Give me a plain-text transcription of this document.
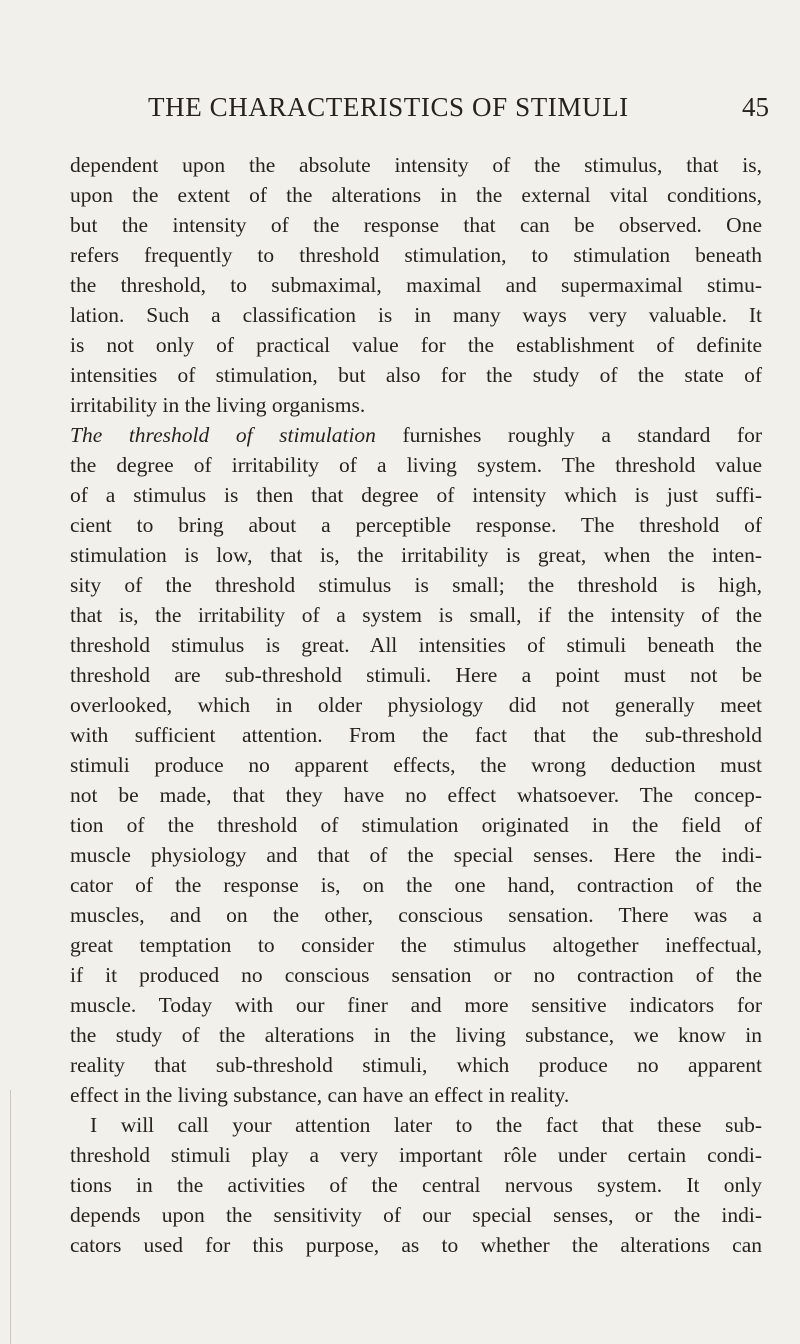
THE CHARACTERISTICS OF STIMULI	45
dependent upon the absolute intensity of the stimulus, that is,
upon the extent of the alterations in the external vital conditions,
but the intensity of the response that can be observed. One
refers frequently to threshold stimulation, to stimulation beneath
the threshold, to submaximal, maximal and supermaximal stimu-
lation. Such a classification is in many ways very valuable. It
is not only of practical value for the establishment of definite
intensities of stimulation, but also for the study of the state of
irritability in the living organisms.
The threshold of stimulation furnishes roughly a standard for
the degree of irritability of a living system. The threshold value
of a stimulus is then that degree of intensity which is just suffi-
cient to bring about a perceptible response. The threshold of
stimulation is low, that is, the irritability is great, when the inten-
sity of the threshold stimulus is small; the threshold is high,
that is, the irritability of a system is small, if the intensity of the
threshold stimulus is great. All intensities of stimuli beneath the
threshold are sub-threshold stimuli. Here a point must not be
overlooked, which in older physiology did not generally meet
with sufficient attention. From the fact that the sub-threshold
stimuli produce no apparent effects, the wrong deduction must
not be made, that they have no effect whatsoever. The concep-
tion of the threshold of stimulation originated in the field of
muscle physiology and that of the special senses. Here the indi-
cator of the response is, on the one hand, contraction of the
muscles, and on the other, conscious sensation. There was a
great temptation to consider the stimulus altogether ineffectual,
if it produced no conscious sensation or no contraction of the
muscle. Today with our finer and more sensitive indicators for
the study of the alterations in the living substance, we know in
reality that sub-threshold stimuli, which produce no apparent
effect in the living substance, can have an effect in reality.
I will call your attention later to the fact that these sub-
threshold stimuli play a very important rôle under certain condi-
tions in the activities of the central nervous system. It only
depends upon the sensitivity of our special senses, or the indi-
cators used for this purpose, as to whether the alterations can
